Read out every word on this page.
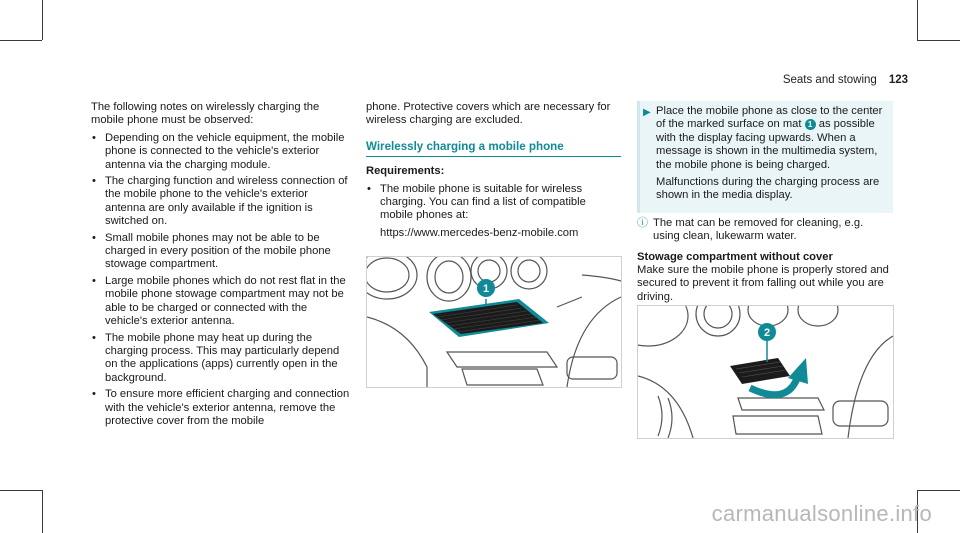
Seats and stowing 123

The following notes on wirelessly charging the mobile phone must be observed:

• Depending on the vehicle equipment, the mobile phone is connected to the vehicle's exterior antenna via the charging module.
• The charging function and wireless connection of the mobile phone to the vehicle's exterior antenna are only available if the ignition is switched on.
• Small mobile phones may not be able to be charged in every position of the mobile phone stowage compartment.
• Large mobile phones which do not rest flat in the mobile phone stowage compartment may not be able to be charged or connected with the vehicle's exterior antenna.
• The mobile phone may heat up during the charging process. This may particularly depend on the applications (apps) currently open in the background.
• To ensure more efficient charging and connection with the vehicle's exterior antenna, remove the protective cover from the mobile

phone. Protective covers which are necessary for wireless charging are excluded.

Wirelessly charging a mobile phone

Requirements:

• The mobile phone is suitable for wireless charging. You can find a list of compatible mobile phones at:
https://www.mercedes-benz-mobile.com
1
▶ Place the mobile phone as close to the center of the marked surface on mat 1 as possible with the display facing upwards. When a message is shown in the multimedia system, the mobile phone is being charged.

Malfunctions during the charging process are shown in the media display.

ⓘ The mat can be removed for cleaning, e.g. using clean, lukewarm water.

Stowage compartment without cover

Make sure the mobile phone is properly stored and secured to prevent it from falling out while you are driving.

2
carmanualsonline.info
